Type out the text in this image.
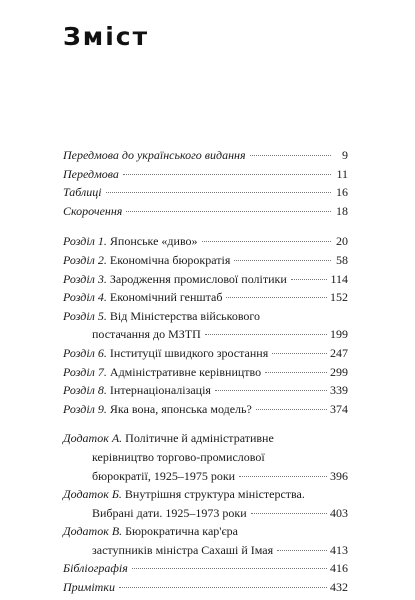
Зміст
Передмова до українського видання	9
Передмова	11
Таблиці	16
Скорочення	18
Розділ 1. Японське «диво»	20
Розділ 2. Економічна бюрократія	58
Розділ 3. Зародження промислової політики	114
Розділ 4. Економічний генштаб	152
Розділ 5. Від Міністерства військового
постачання до МЗТП	199
Розділ 6. Інституції швидкого зростання	247
Розділ 7. Адміністративне керівництво	299
Розділ 8. Інтернаціоналізація	339
Розділ 9. Яка вона, японська модель?	374
Додаток А. Політичне й адміністративне
керівництво торгово-промислової
бюрократії, 1925–1975 роки	396
Додаток Б. Внутрішня структура міністерства.
Вибрані дати. 1925–1973 роки	403
Додаток В. Бюрократична кар'єра
заступників міністра Сахаші й Імая	413
Бібліографія	416
Примітки	432
